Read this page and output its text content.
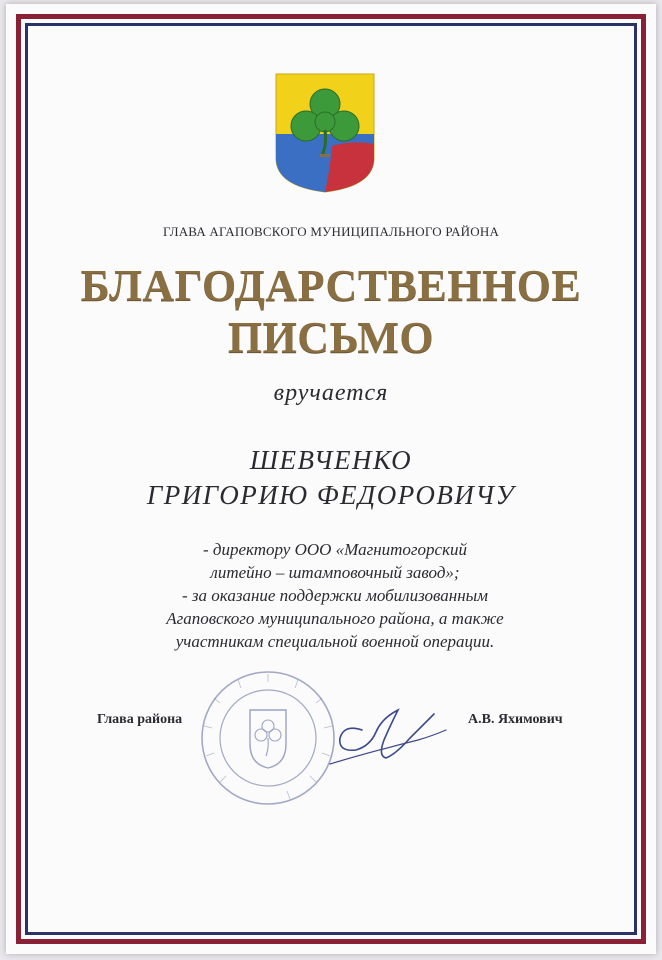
ГЛАВА АГАПОВСКОГО МУНИЦИПАЛЬНОГО РАЙОНА
БЛАГОДАРСТВЕННОЕ
ПИСЬМО
вручается
ШЕВЧЕНКО
ГРИГОРИЮ ФЕДОРОВИЧУ
- директору ООО «Магнитогорский
литейно – штамповочный завод»;
- за оказание поддержки мобилизованным
Агаповского муниципального района, а также
участникам специальной военной операции.
Глава района	А.В. Яхимович
